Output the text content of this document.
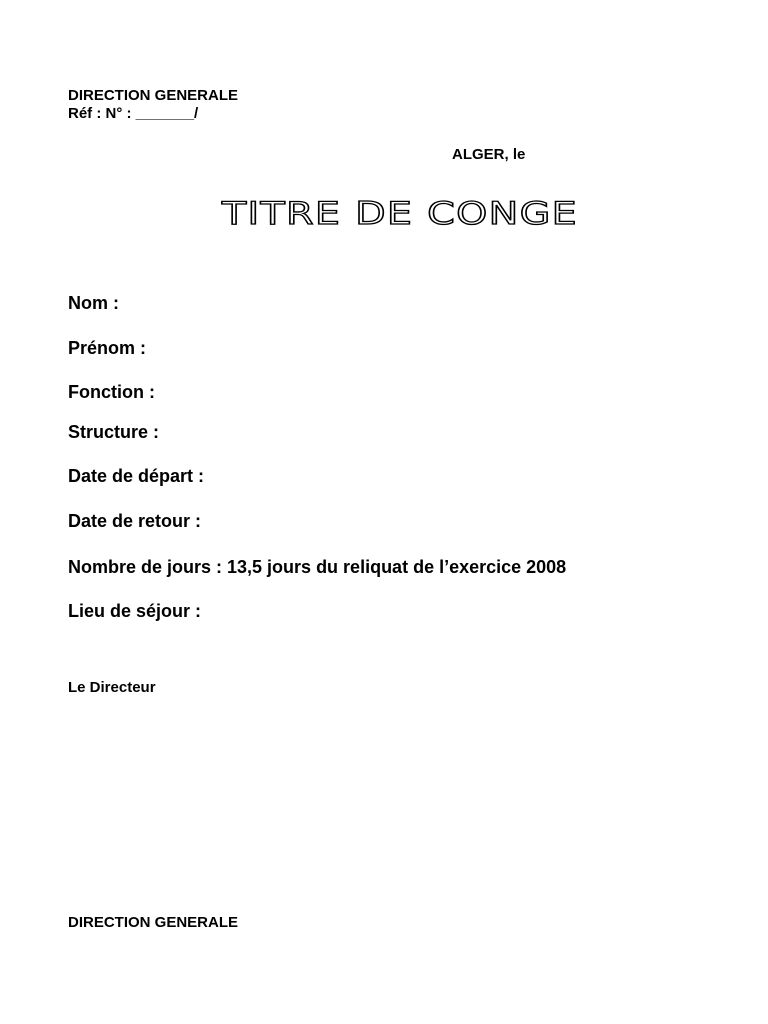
DIRECTION GENERALE
Réf : N° : _______/
ALGER, le
TITRE DE CONGE
Nom :
Prénom :
Fonction :
Structure :
Date de départ :
Date de retour :
Nombre de jours : 13,5 jours du reliquat de l’exercice 2008
Lieu de séjour :
Le Directeur
DIRECTION GENERALE
